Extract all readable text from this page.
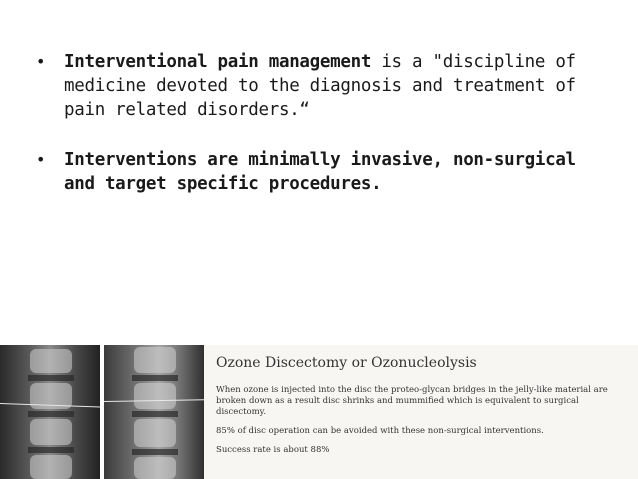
• Interventional pain management is a "discipline of medicine devoted to the diagnosis and treatment of pain related disorders.“
• Interventions are minimally invasive, non-surgical and target specific procedures.
Ozone Discectomy or Ozonucleolysis

When ozone is injected into the disc the proteo-glycan bridges in the jelly-like material are broken down as a result disc shrinks and mummified which is equivalent to surgical discectomy.

85% of disc operation can be avoided with these non-surgical interventions.

Success rate is about 88%
